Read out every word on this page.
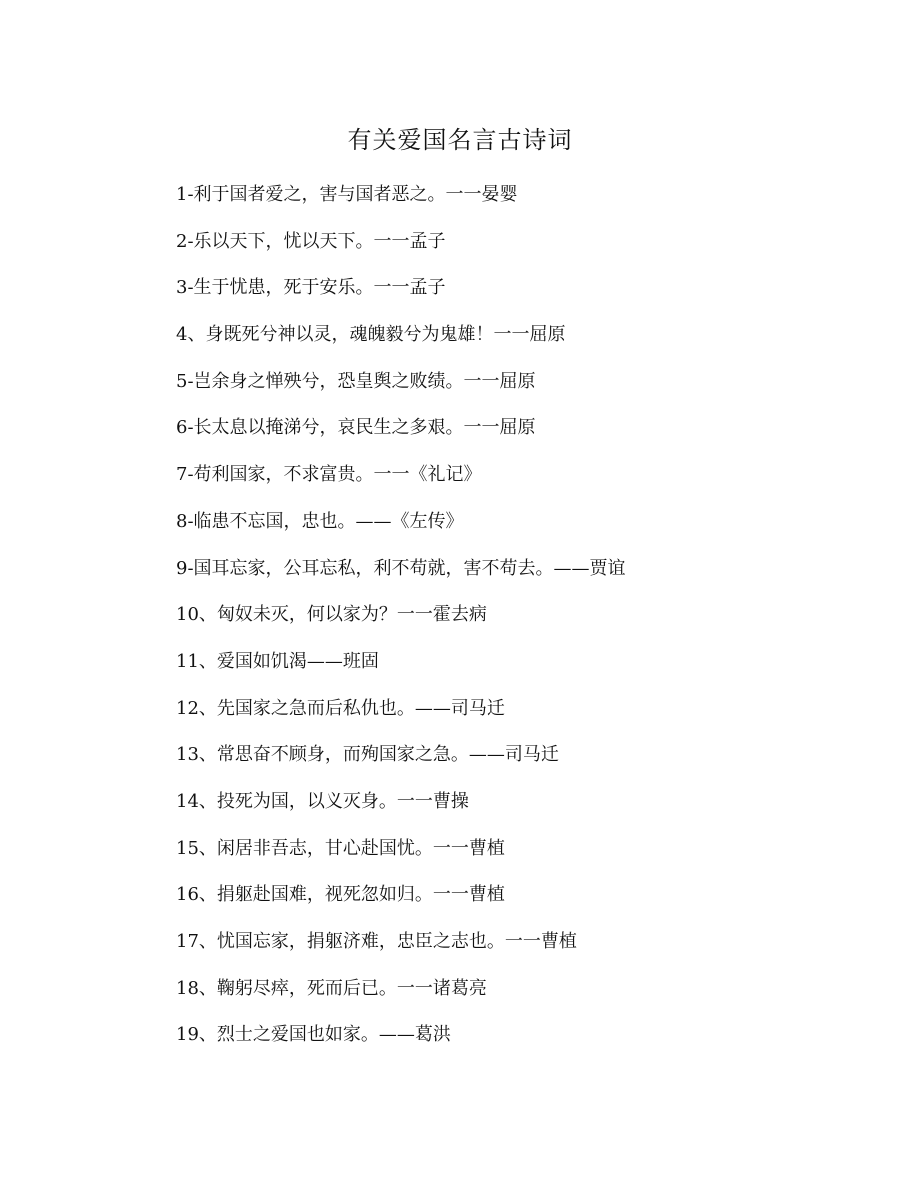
有关爱国名言古诗词
1-利于国者爱之，害与国者恶之。一一晏婴
2-乐以天下，忧以天下。一一孟子
3-生于忧患，死于安乐。一一孟子
4、身既死兮神以灵，魂魄毅兮为鬼雄！一一屈原
5-岂余身之惮殃兮，恐皇舆之败绩。一一屈原
6-长太息以掩涕兮，哀民生之多艰。一一屈原
7-苟利国家，不求富贵。一一《礼记》
8-临患不忘国，忠也。——《左传》
9-国耳忘家，公耳忘私，利不苟就，害不苟去。——贾谊
10、匈奴未灭，何以家为？一一霍去病
11、爱国如饥渴——班固
12、先国家之急而后私仇也。——司马迁
13、常思奋不顾身，而殉国家之急。——司马迁
14、投死为国，以义灭身。一一曹操
15、闲居非吾志，甘心赴国忧。一一曹植
16、捐躯赴国难，视死忽如归。一一曹植
17、忧国忘家，捐躯济难，忠臣之志也。一一曹植
18、鞠躬尽瘁，死而后已。一一诸葛亮
19、烈士之爱国也如家。——葛洪
